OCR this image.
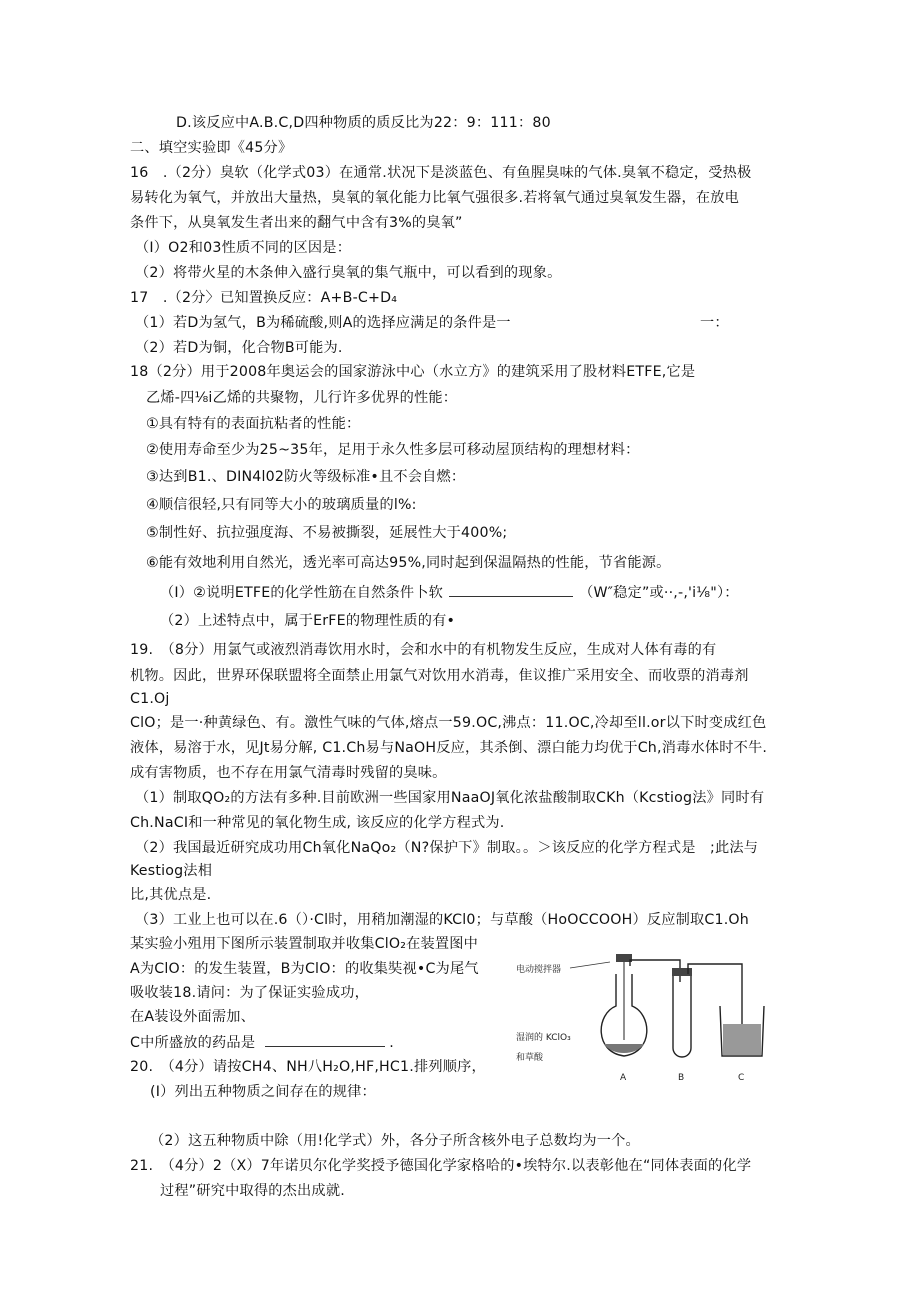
D.该反应中A.B.C,D四种物质的质反比为22：9：111：80
二、填空实验即《45分》
16　.（2分）臭软（化学式03）在通常.状况下是淡蓝色、有鱼腥臭味的气体.臭氧不稳定，受热极
易转化为氧气，并放出大量热，臭氧的氧化能力比氧气强很多.若将氧气通过臭氧发生器，在放电
条件下，从臭氧发生者出来的翻气中含有3%的臭氧”
（I）O2和03性质不同的区因是：
（2）将带火星的木条伸入盛行臭氧的集气瓶中，可以看到的现象。
17　.（2分〉已知置换反应：A+B-C+D₄
（1）若D为氢气，B为稀硫酸,则A的选择应满足的条件是一	一：
（2）若D为铜，化合物B可能为.
18（2分）用于2008年奥运会的国家游泳中心（水立方》的建筑采用了股材料ETFE,它是
乙烯-四⅛i乙烯的共聚物，儿行许多优界的性能：
①具有特有的表面抗粘者的性能：
②使用寿命至少为25~35年，足用于永久性多层可移动屋顶结构的理想材料：
③达到B1.、DIN4l02防火等级标准•且不会自燃：
④顺信很轻,只有同等大小的玻璃质量的l%:
⑤制性好、抗拉强度海、不易被撕裂，延展性大于400%;
⑥能有效地利用自然光，透光率可高达95%,同时起到保温隔热的性能，节省能源。
（I）②说明ETFE的化学性筋在自然条件卜软	（W″稳定”或··,-,'i⅛"）：
（2）上述特点中，属于ErFE的物理性质的有•
19.　（8分）用氯气或液烈消毒饮用水时，会和水中的有机物发生反应，生成对人体有毒的有
机物。因此，世界环保联盟将全面禁止用氯气对饮用水消毒，隹议推广采用安全、而收票的消毒剂
C1.Oj
ClO；是一·种黄绿色、有。激性气味的气体,熔点一59.OC,沸点：11.OC,冷却至ll.or以下时变成红色
液体，易溶于水，见Jt易分解, C1.Ch易与NaOH反应，其杀倒、漂白能力均优于Ch,消毒水体时不牛.
成有害物质，也不存在用氯气清毒时残留的臭味。
（1）制取QO₂的方法有多种.目前欧洲一些国家用NaaOJ氧化浓盐酸制取CKh（Kcstiog法》同时有
Ch.NaCI和一种常见的氧化物生成, 该反应的化学方程式为.
（2）我国最近研究成功用Ch氧化NaQo₂（N?保护下》制取。。＞该反应的化学方程式是　;此法与
Kestiog法相
比,其优点是.
（3）工业上也可以在.6（）·Cl时，用稍加潮湿的KCl0；与草酸（HoOCCOOH）反应制取C1.Oh
某实验小殂用下图所示装置制取并收集ClO₂在装置图中
A为ClO：的发生装置，B为ClO：的收集奘视•C为尾气
吸收装18.请问：为了保证实验成功，
在A装设外面需加、
C中所盛放的药品是	.
20.　（4分）请按CH4、NH八H₂O,HF,HC1.排列顺序，
(I）列出五种物质之间存在的规律：
（2）这五种物质中除（用!化学式）外，各分子所含核外电子总数均为一个。
21.　（4分）2（X）7年诺贝尔化学奖授予德国化学家格哈的•埃特尔.以表彰他在“同体表面的化学
过程”研究中取得的杰出成就.
电动搅拌器
湿润的 KClO₃
和草酸
A	B	C
